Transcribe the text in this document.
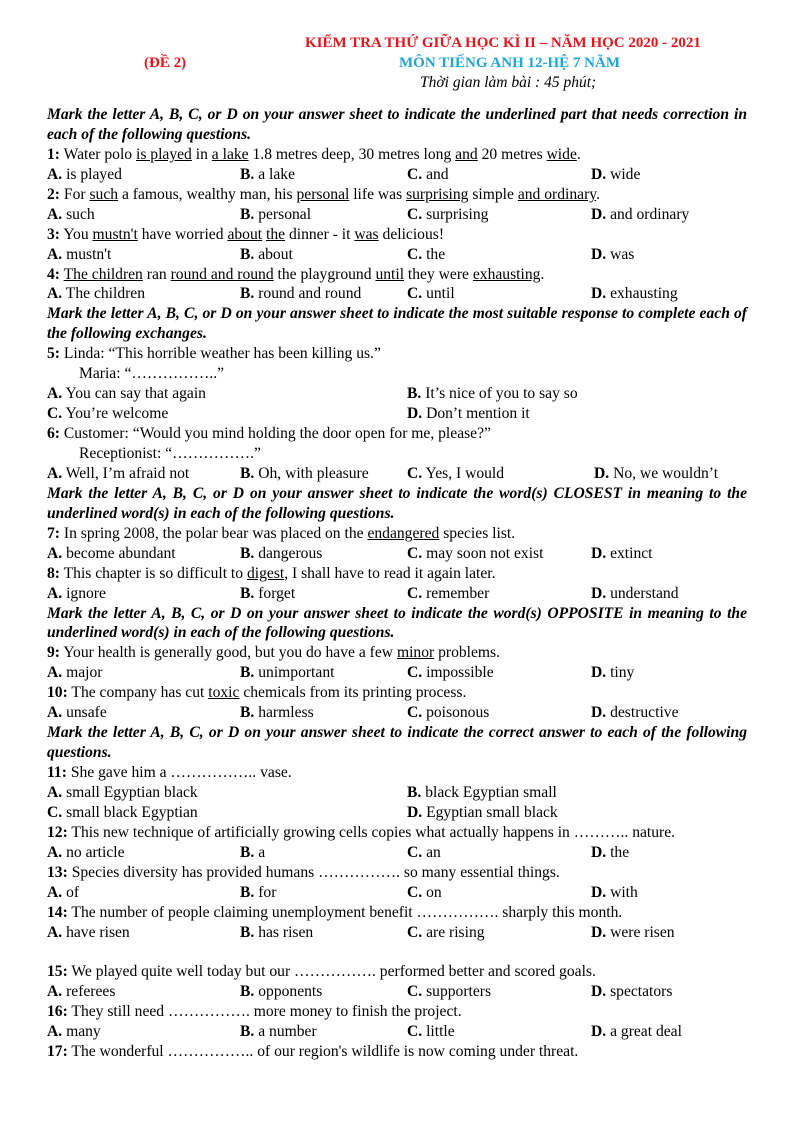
KIỂM TRA THỨ GIỮA HỌC KÌ II – NĂM HỌC 2020 - 2021
(ĐỀ 2)	MÔN TIẾNG ANH 12-HỆ 7 NĂM
Thời gian làm bài : 45 phút;
Mark the letter A, B, C, or D on your answer sheet to indicate the underlined part that needs correction in each of the following questions.
1: Water polo is played in a lake 1.8 metres deep, 30 metres long and 20 metres wide.
A. is played	B. a lake	C. and	D. wide
2: For such a famous, wealthy man, his personal life was surprising simple and ordinary.
A. such	B. personal	C. surprising	D. and ordinary
3: You mustn't have worried about the dinner - it was delicious!
A. mustn't	B. about	C. the	D. was
4: The children ran round and round the playground until they were exhausting.
A. The children	B. round and round	C. until	D. exhausting
Mark the letter A, B, C, or D on your answer sheet to indicate the most suitable response to complete each of the following exchanges.
5: Linda: “This horrible weather has been killing us.”
Maria: “……………..”
A. You can say that again	B. It’s nice of you to say so
C. You’re welcome	D. Don’t mention it
6: Customer: “Would you mind holding the door open for me, please?”
Receptionist: “…………….”
A. Well, I’m afraid not	B. Oh, with pleasure C. Yes, I would	D. No, we wouldn’t
Mark the letter A, B, C, or D on your answer sheet to indicate the word(s) CLOSEST in meaning to the underlined word(s) in each of the following questions.
7: In spring 2008, the polar bear was placed on the endangered species list.
A. become abundant	B. dangerous	C. may soon not exist	D. extinct
8: This chapter is so difficult to digest, I shall have to read it again later.
A. ignore	B. forget	C. remember	D. understand
Mark the letter A, B, C, or D on your answer sheet to indicate the word(s) OPPOSITE in meaning to the underlined word(s) in each of the following questions.
9: Your health is generally good, but you do have a few minor problems.
A. major	B. unimportant	C. impossible	D. tiny
10: The company has cut toxic chemicals from its printing process.
A. unsafe	B. harmless	C. poisonous	D. destructive
Mark the letter A, B, C, or D on your answer sheet to indicate the correct answer to each of the following questions.
11: She gave him a …………….. vase.
A. small Egyptian black	B. black Egyptian small
C. small black Egyptian	D. Egyptian small black
12: This new technique of artificially growing cells copies what actually happens in ……….. nature.
A. no article	B. a	C. an	D. the
13: Species diversity has provided humans ……………. so many essential things.
A. of	B. for	C. on	D. with
14: The number of people claiming unemployment benefit ……………. sharply this month.
A. have risen	B. has risen	C. are rising	D. were risen
15: We played quite well today but our ……………. performed better and scored goals.
A. referees	B. opponents	C. supporters	D. spectators
16: They still need ……………. more money to finish the project.
A. many	B. a number	C. little	D. a great deal
17: The wonderful …………….. of our region's wildlife is now coming under threat.
